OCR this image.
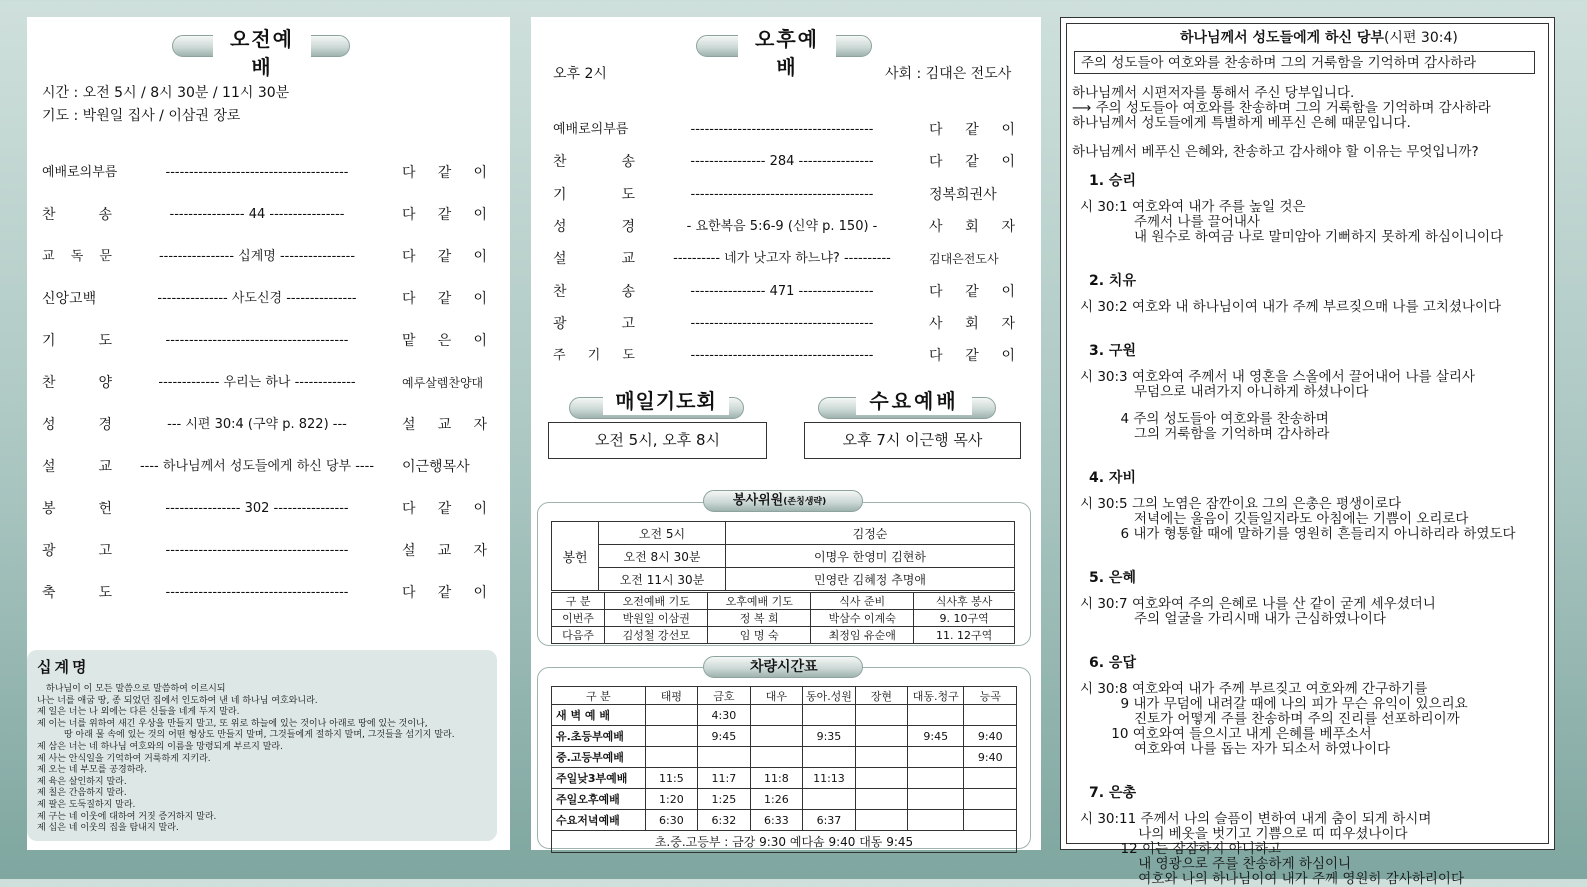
오전예배
시간 : 오전 5시 / 8시 30분 / 11시 30분
기도 : 박원일 집사 / 이삼권 장로
예배로의부름	---------------------------------------	다 같 이
찬 송	---------------- 44 ----------------	다 같 이
교 독 문	---------------- 십계명 ----------------	다 같 이
신앙고백	--------------- 사도신경 ---------------	다 같 이
기 도	---------------------------------------	맡 은 이
찬 양	------------- 우리는 하나 -------------	예루살렘찬양대
성 경	--- 시편 30:4 (구약 p. 822) ---	설 교 자
설 교	---- 하나님께서 성도들에게 하신 당부 ----	이근행목사
봉 헌	---------------- 302 ----------------	다 같 이
광 고	---------------------------------------	설 교 자
축 도	---------------------------------------	다 같 이
십계명
　하나님이 이 모든 말씀으로 말씀하여 이르시되
나는 너를 애굽 땅, 종 되었던 집에서 인도하여 낸 네 하나님 여호와니라.
제 일은 너는 나 외에는 다른 신들을 네게 두지 말라.
제 이는 너를 위하여 새긴 우상을 만들지 말고, 또 위로 하늘에 있는 것이나 아래로 땅에 있는 것이나,
　　　땅 아래 물 속에 있는 것의 어떤 형상도 만들지 말며, 그것들에게 절하지 말며, 그것들을 섬기지 말라.
제 삼은 너는 네 하나님 여호와의 이름을 망령되게 부르지 말라.
제 사는 안식일을 기억하여 거룩하게 지키라.
제 오는 네 부모를 공경하라.
제 육은 살인하지 말라.
제 칠은 간음하지 말라.
제 팔은 도둑질하지 말라.
제 구는 네 이웃에 대하여 거짓 증거하지 말라.
제 십은 네 이웃의 집을 탐내지 말라.
오후예배
오후 2시	사회 : 김대은 전도사
예배로의부름	---------------------------------------	다 같 이
찬 송	---------------- 284 ----------------	다 같 이
기 도	---------------------------------------	정복희권사
성 경	- 요한복음 5:6-9 (신약 p. 150) -	사 회 자
설 교	---------- 네가 낫고자 하느냐? ----------	김대은전도사
찬 송	---------------- 471 ----------------	다 같 이
광 고	---------------------------------------	사 회 자
주 기 도	---------------------------------------	다 같 이
매일기도회
오전 5시, 오후 8시
수요예배
오후 7시 이근행 목사
봉사위원(존칭생략)
봉헌	오전 5시	김정순
	오전 8시 30분	이명우 한영미 김현하
	오전 11시 30분	민영란 김혜정 추명애
구 분	오전예배 기도	오후예배 기도	식사 준비	식사후 봉사
이번주	박원일 이삼권	정 복 희	박삼수 이계숙	9. 10구역
다음주	김성철 강선모	임 명 숙	최정임 유순애	11. 12구역
차량시간표
구 분	태평	금호	대우	동아.성원	장현	대동.청구	능곡
새 벽 예 배		4:30					
유.초등부예배		9:45		9:35		9:45	9:40
중.고등부예배							9:40
주일낮3부예배	11:5	11:7	11:8	11:13			
주일오후예배	1:20	1:25	1:26				
수요저녁예배	6:30	6:32	6:33	6:37			
초.중.고등부 : 금강 9:30 예다솜 9:40 대동 9:45							
하나님께서 성도들에게 하신 당부(시편 30:4)
주의 성도들아 여호와를 찬송하며 그의 거룩함을 기억하며 감사하라
하나님께서 시편저자를 통해서 주신 당부입니다.
⟶ 주의 성도들아 여호와를 찬송하며 그의 거룩함을 기억하며 감사하라
하나님께서 성도들에게 특별하게 베푸신 은혜 때문입니다.
하나님께서 베푸신 은혜와, 찬송하고 감사해야 할 이유는 무엇입니까?
1. 승리
시 30:1 여호와여 내가 주를 높일 것은
　　　　주께서 나를 끌어내사
　　　　내 원수로 하여금 나로 말미암아 기뻐하지 못하게 하심이니이다
2. 치유
시 30:2 여호와 내 하나님이여 내가 주께 부르짖으매 나를 고치셨나이다
3. 구원
시 30:3 여호와여 주께서 내 영혼을 스올에서 끌어내어 나를 살리사
　　　　무덤으로 내려가지 아니하게 하셨나이다
　　　4 주의 성도들아 여호와를 찬송하며
　　　　그의 거룩함을 기억하며 감사하라
4. 자비
시 30:5 그의 노염은 잠깐이요 그의 은총은 평생이로다
　　　　저녁에는 울음이 깃들일지라도 아침에는 기쁨이 오리로다
　　　6 내가 형통할 때에 말하기를 영원히 흔들리지 아니하리라 하였도다
5. 은혜
시 30:7 여호와여 주의 은혜로 나를 산 같이 굳게 세우셨더니
　　　　주의 얼굴을 가리시매 내가 근심하였나이다
6. 응답
시 30:8 여호와여 내가 주께 부르짖고 여호와께 간구하기를
　　　9 내가 무덤에 내려갈 때에 나의 피가 무슨 유익이 있으리요
　　　　진토가 어떻게 주를 찬송하며 주의 진리를 선포하리이까
　　 10 여호와여 들으시고 내게 은혜를 베푸소서
　　　　여호와여 나를 돕는 자가 되소서 하였나이다
7. 은총
시 30:11 주께서 나의 슬픔이 변하여 내게 춤이 되게 하시며
　　　　 나의 베옷을 벗기고 기쁨으로 띠 띠우셨나이다
　　　12 이는 잠잠하지 아니하고
　　　　 내 영광으로 주를 찬송하게 하심이니
　　　　 여호와 나의 하나님이여 내가 주께 영원히 감사하리이다
